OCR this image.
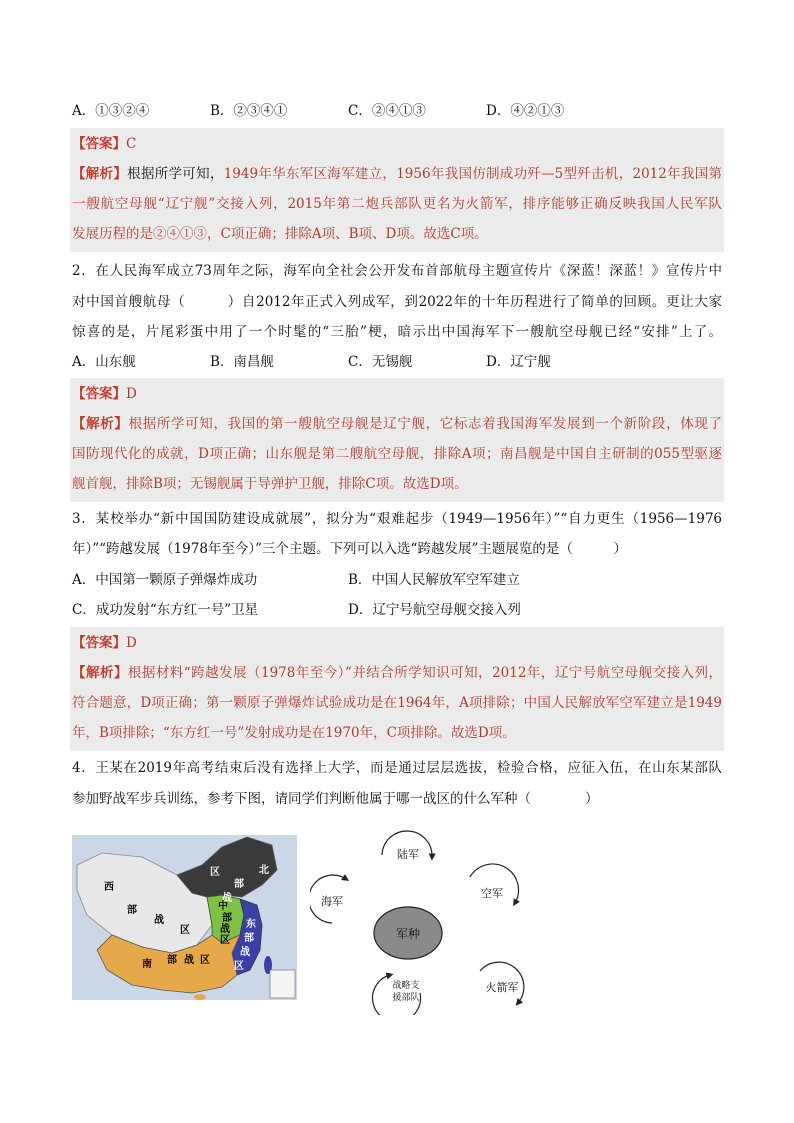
A．①③②④	B．②③④①	C．②④①③	D．④②①③
【答案】C
【解析】根据所学可知，1949年华东军区海军建立，1956年我国仿制成功歼—5型歼击机，2012年我国第
一艘航空母舰“辽宁舰”交接入列，2015年第二炮兵部队更名为火箭军，排序能够正确反映我国人民军队
发展历程的是②④①③，C项正确；排除A项、B项、D项。故选C项。
2．在人民海军成立73周年之际，海军向全社会公开发布首部航母主题宣传片《深蓝！深蓝！》宣传片中
对中国首艘航母（　　　）自2012年正式入列成军，到2022年的十年历程进行了简单的回顾。更让大家
惊喜的是，片尾彩蛋中用了一个时髦的“三胎”梗，暗示出中国海军下一艘航空母舰已经“安排”上了。
A．山东舰	B．南昌舰	C．无锡舰	D．辽宁舰
【答案】D
【解析】根据所学可知，我国的第一艘航空母舰是辽宁舰，它标志着我国海军发展到一个新阶段，体现了
国防现代化的成就，D项正确；山东舰是第二艘航空母舰，排除A项；南昌舰是中国自主研制的055型驱逐
舰首舰，排除B项；无锡舰属于导弹护卫舰，排除C项。故选D项。
3．某校举办“新中国国防建设成就展”，拟分为“艰难起步（1949—1956年）”“自力更生（1956—1976
年）”“跨越发展（1978年至今）”三个主题。下列可以入选“跨越发展”主题展览的是（　　　）
A．中国第一颗原子弹爆炸成功	B．中国人民解放军空军建立
C．成功发射“东方红一号”卫星	D．辽宁号航空母舰交接入列
【答案】D
【解析】根据材料“跨越发展（1978年至今）”并结合所学知识可知，2012年，辽宁号航空母舰交接入列，
符合题意，D项正确；第一颗原子弹爆炸试验成功是在1964年，A项排除；中国人民解放军空军建立是1949
年，B项排除；“东方红一号”发射成功是在1970年，C项排除。故选D项。
4．王某在2019年高考结束后没有选择上大学，而是通过层层选拔，检验合格，应征入伍，在山东某部队
参加野战军步兵训练，参考下图，请同学们判断他属于哪一战区的什么军种（　　　　）
北
部
战
区
中
部
战
区
西
部
战
区
东
部
战
区
南 部 战 区
军种
陆军
空军
火箭军
战略支
援部队
海军
